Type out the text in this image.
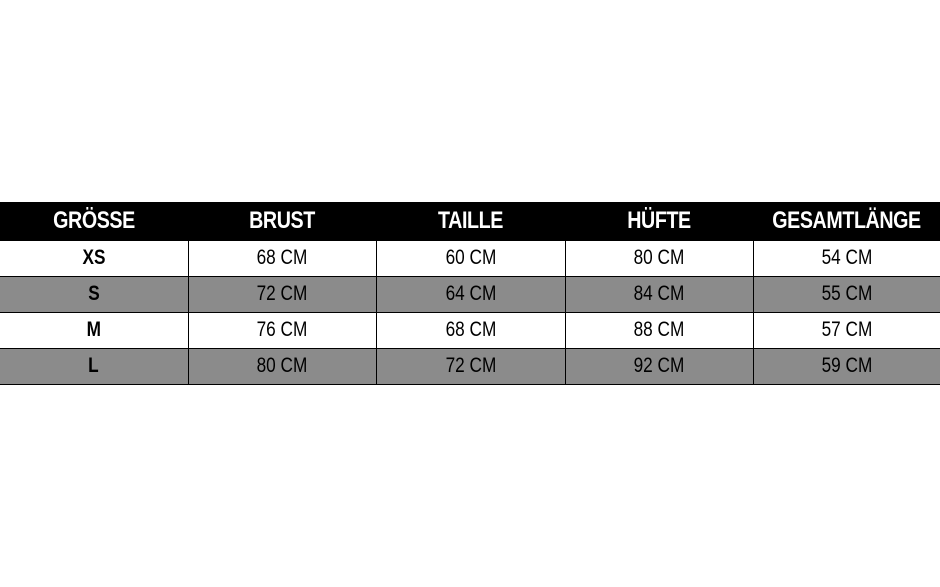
GRÖSSE	BRUST	TAILLE	HÜFTE	GESAMTLÄNGE
XS	68 CM	60 CM	80 CM	54 CM
S	72 CM	64 CM	84 CM	55 CM
M	76 CM	68 CM	88 CM	57 CM
L	80 CM	72 CM	92 CM	59 CM
